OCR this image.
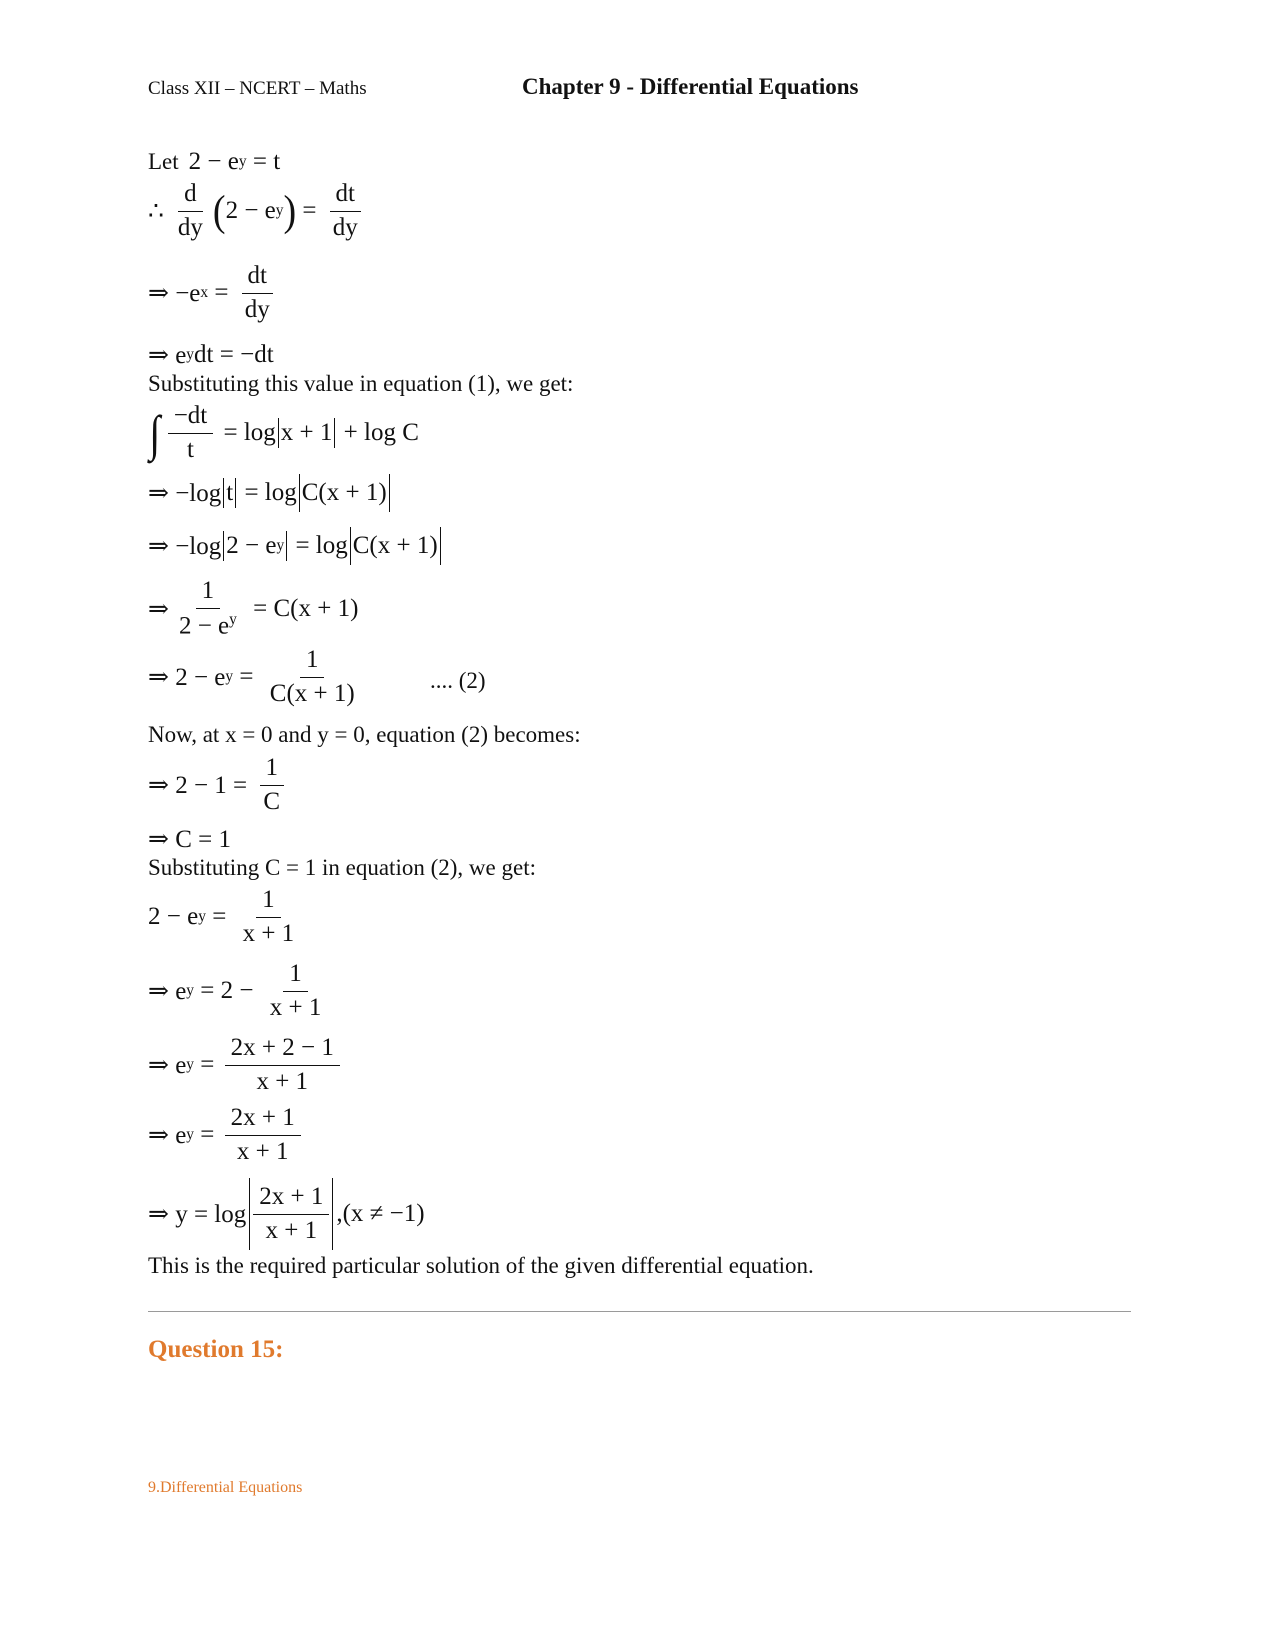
Class XII – NCERT – Maths	Chapter 9 - Differential Equations
Let 2 − e y = t
∴ $\frac{d}{dy}$ ( 2 − e y ) = $\frac{dt}{dy}$
⇒ −e $x = \frac{dt}{dy}$
⇒ e y dt = −dt
Substituting this value in equation (1), we get:
∫ $\frac{-dt}{t} = \log x + 1 + \log C$
⇒ −log t = log C(x + 1)
⇒ −log 2 − e y = log C(x + 1)
⇒ $\frac{1}{2 - e^y} = C(x + 1)$
⇒ 2 − e $y = \frac{1}{C(x + 1)}$	.... (2)
Now, at x = 0 and y = 0, equation (2) becomes:
⇒ $2 - 1 = \frac{1}{C}$
⇒ C = 1
Substituting C = 1 in equation (2), we get:
2 − e $y = \frac{1}{x + 1}$
⇒ e $y = 2 - \frac{1}{x + 1}$
⇒ e $y = \frac{2x + 2 - 1}{x + 1}$
⇒ e $y = \frac{2x + 1}{x + 1}$
⇒ $y = \log \frac{2x + 1}{x + 1} ,(x \ne -1)$
This is the required particular solution of the given differential equation.
Question 15:
9.Differential Equations
